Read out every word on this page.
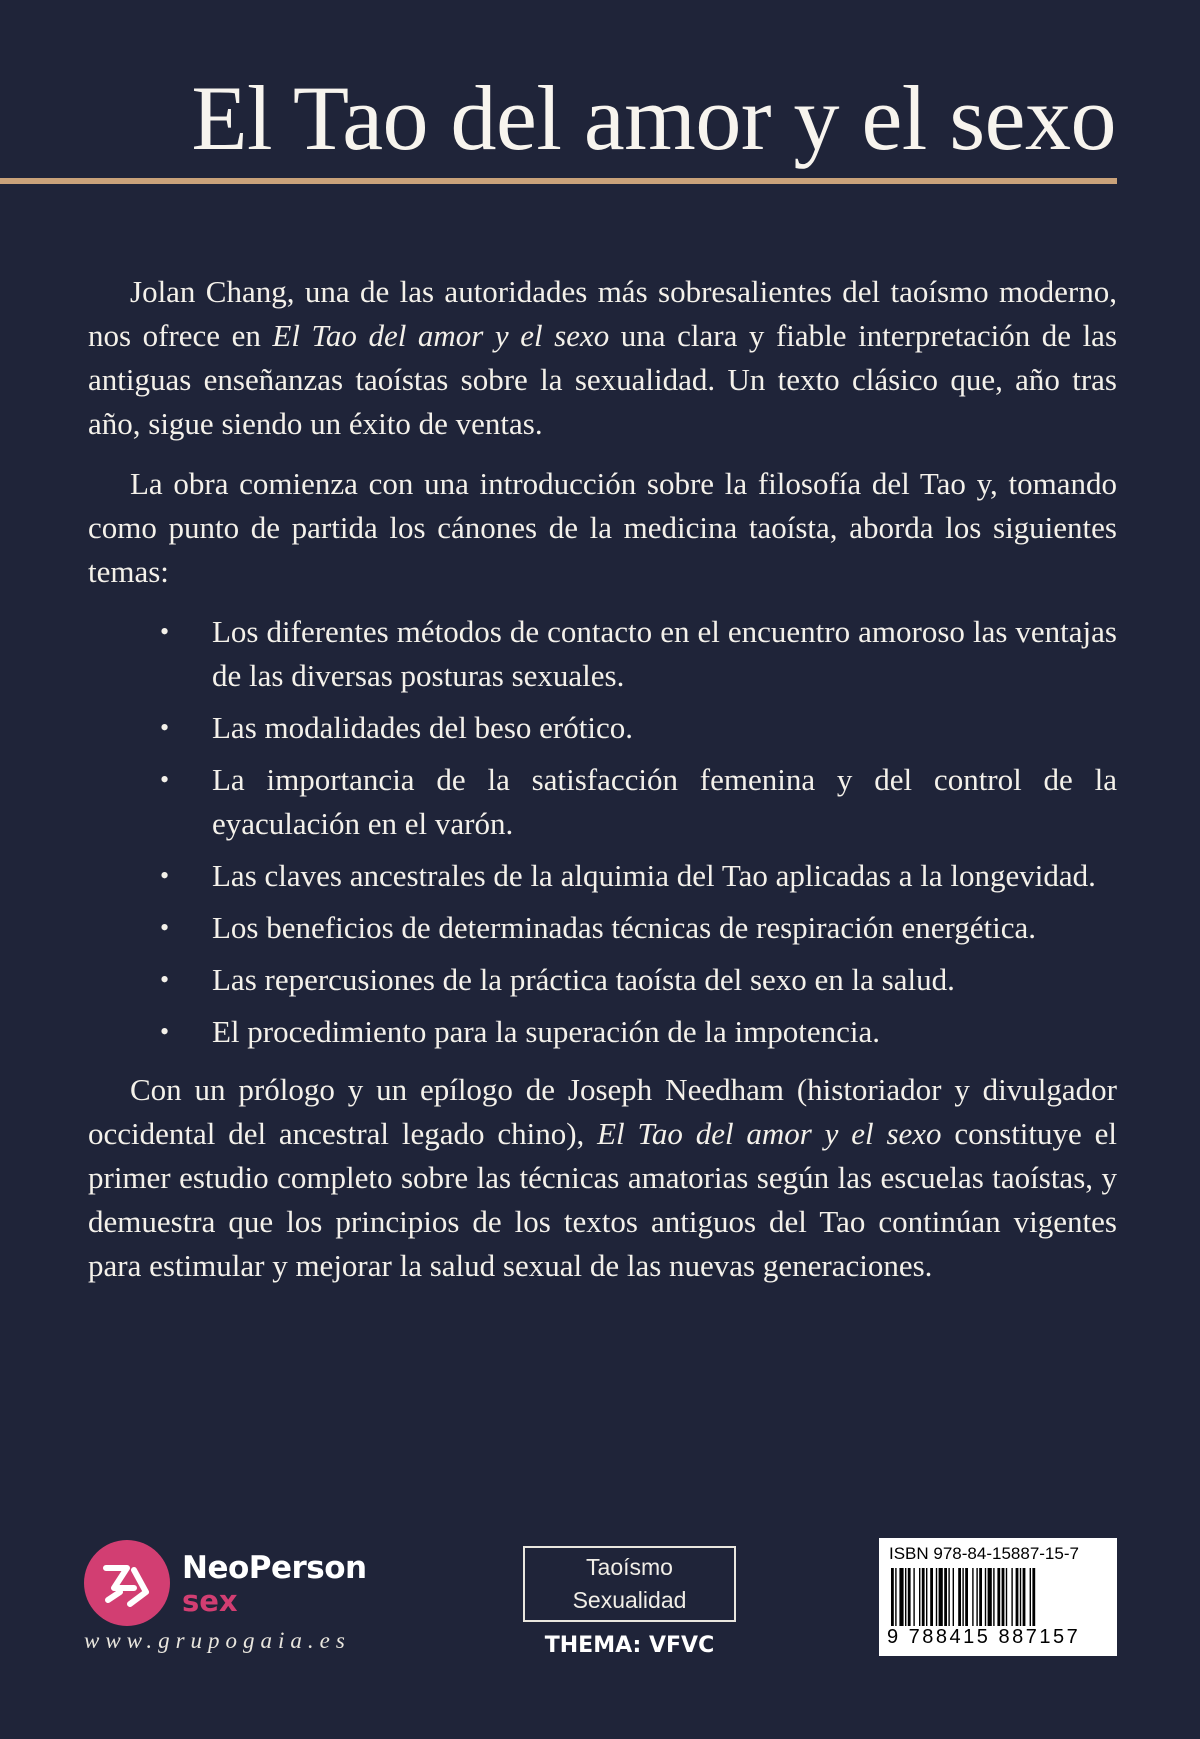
El Tao del amor y el sexo

Jolan Chang, una de las autoridades más sobresalientes del taoísmo moderno, nos ofrece en El Tao del amor y el sexo una clara y fiable interpretación de las antiguas enseñanzas taoístas sobre la sexualidad. Un texto clásico que, año tras año, sigue siendo un éxito de ventas.

La obra comienza con una introducción sobre la filosofía del Tao y, tomando como punto de partida los cánones de la medicina taoísta, aborda los siguientes temas:

• Los diferentes métodos de contacto en el encuentro amoroso las ventajas de las diversas posturas sexuales.
• Las modalidades del beso erótico.
• La importancia de la satisfacción femenina y del control de la eyaculación en el varón.
• Las claves ancestrales de la alquimia del Tao aplicadas a la longevidad.
• Los beneficios de determinadas técnicas de respiración energética.
• Las repercusiones de la práctica taoísta del sexo en la salud.
• El procedimiento para la superación de la impotencia.

Con un prólogo y un epílogo de Joseph Needham (historiador y divulgador occidental del ancestral legado chino), El Tao del amor y el sexo constituye el primer estudio completo sobre las técnicas amatorias según las escuelas taoístas, y demuestra que los principios de los textos antiguos del Tao continúan vigentes para estimular y mejorar la salud sexual de las nuevas generaciones.

NeoPerson
sex
www.grupogaia.es
Taoísmo
Sexualidad
THEMA: VFVC
ISBN 978-84-15887-15-7
9 788415 887157
